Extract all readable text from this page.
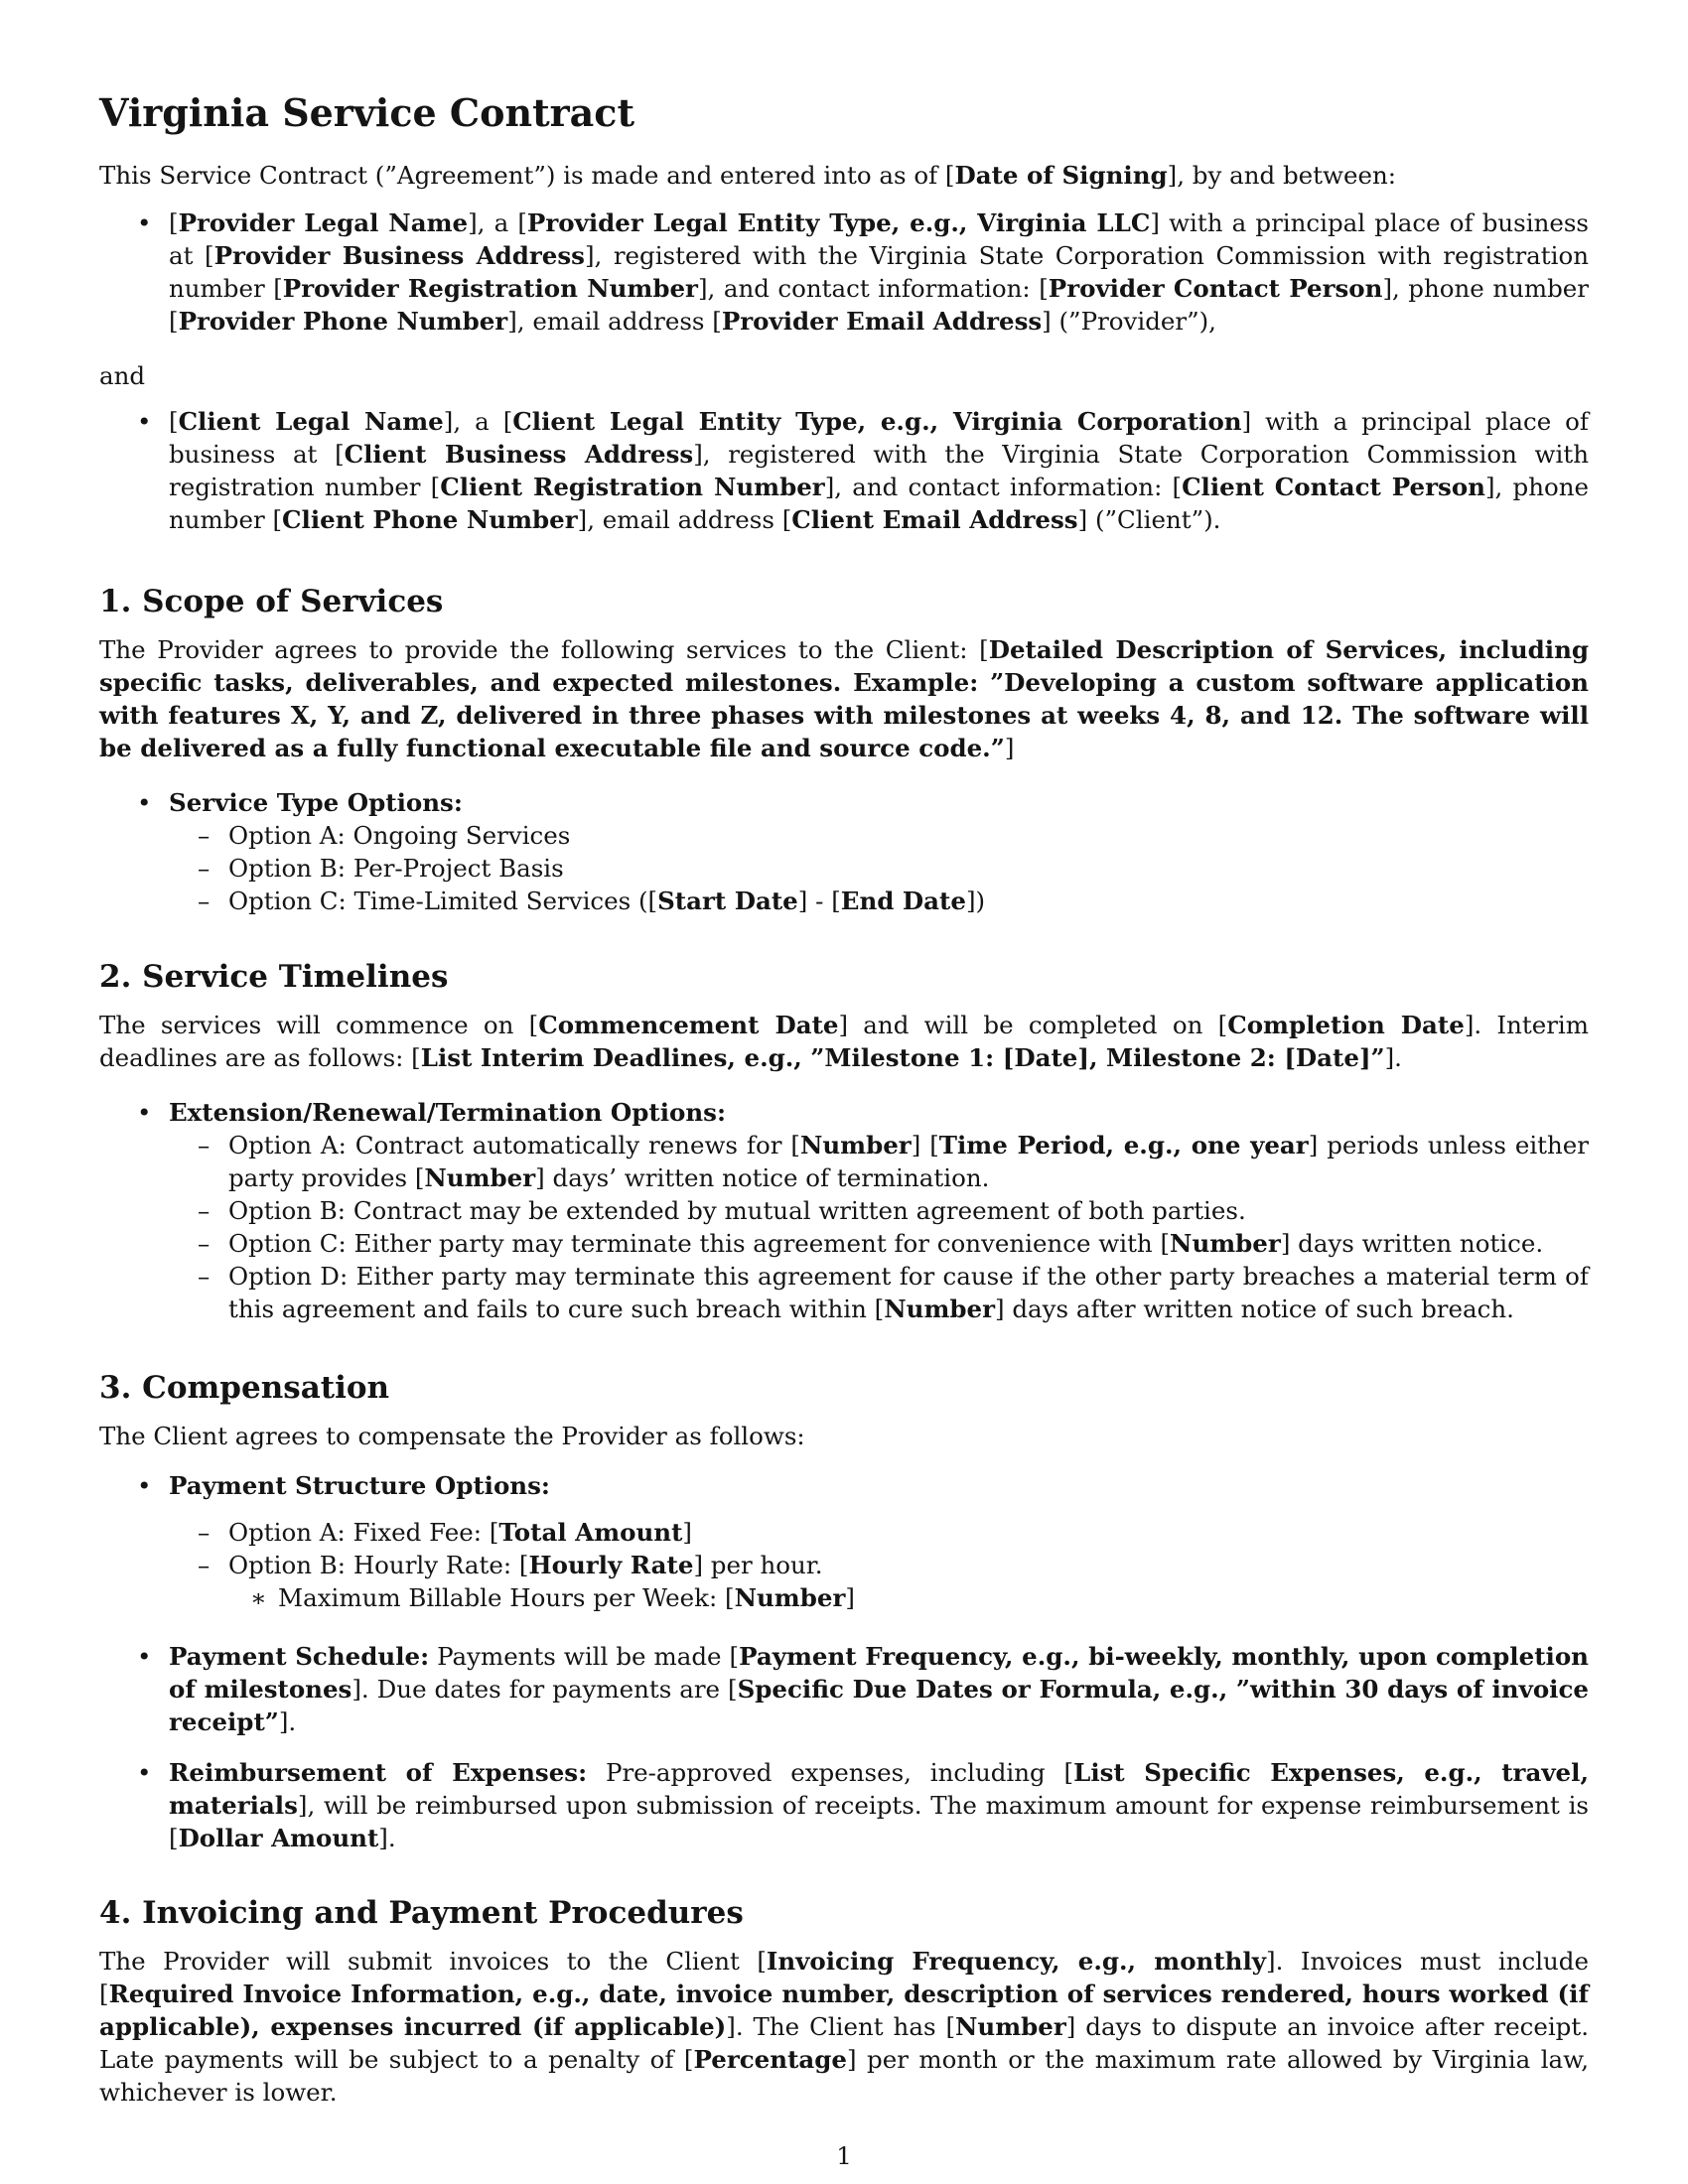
Virginia Service Contract

This Service Contract (”Agreement”) is made and entered into as of [Date of Signing], by and between:

• [Provider Legal Name], a [Provider Legal Entity Type, e.g., Virginia LLC] with a principal place of business at [Provider Business Address], registered with the Virginia State Corporation Commission with registration number [Provider Registration Number], and contact information: [Provider Contact Person], phone number [Provider Phone Number], email address [Provider Email Address] (”Provider”),

and

• [Client Legal Name], a [Client Legal Entity Type, e.g., Virginia Corporation] with a principal place of business at [Client Business Address], registered with the Virginia State Corporation Commission with registration number [Client Registration Number], and contact information: [Client Contact Person], phone number [Client Phone Number], email address [Client Email Address] (”Client”).
1. Scope of Services

The Provider agrees to provide the following services to the Client: [Detailed Description of Services, including specific tasks, deliverables, and expected milestones. Example: ”Developing a custom software application with features X, Y, and Z, delivered in three phases with milestones at weeks 4, 8, and 12. The software will be delivered as a fully functional executable file and source code.”]

• Service Type Options:
– Option A: Ongoing Services
– Option B: Per-Project Basis
– Option C: Time-Limited Services ([Start Date] - [End Date])
2. Service Timelines

The services will commence on [Commencement Date] and will be completed on [Completion Date]. Interim deadlines are as follows: [List Interim Deadlines, e.g., ”Milestone 1: [Date], Milestone 2: [Date]”].

• Extension/Renewal/Termination Options:
– Option A: Contract automatically renews for [Number] [Time Period, e.g., one year] periods unless either party provides [Number] days’ written notice of termination.
– Option B: Contract may be extended by mutual written agreement of both parties.
– Option C: Either party may terminate this agreement for convenience with [Number] days written notice.
– Option D: Either party may terminate this agreement for cause if the other party breaches a material term of this agreement and fails to cure such breach within [Number] days after written notice of such breach.
3. Compensation

The Client agrees to compensate the Provider as follows:

• Payment Structure Options:
– Option A: Fixed Fee: [Total Amount]
– Option B: Hourly Rate: [Hourly Rate] per hour.
∗ Maximum Billable Hours per Week: [Number]
• Payment Schedule: Payments will be made [Payment Frequency, e.g., bi-weekly, monthly, upon completion of milestones]. Due dates for payments are [Specific Due Dates or Formula, e.g., ”within 30 days of invoice receipt”].
• Reimbursement of Expenses: Pre-approved expenses, including [List Specific Expenses, e.g., travel, materials], will be reimbursed upon submission of receipts. The maximum amount for expense reimbursement is [Dollar Amount].
4. Invoicing and Payment Procedures

The Provider will submit invoices to the Client [Invoicing Frequency, e.g., monthly]. Invoices must include [Required Invoice Information, e.g., date, invoice number, description of services rendered, hours worked (if applicable), expenses incurred (if applicable)]. The Client has [Number] days to dispute an invoice after receipt. Late payments will be subject to a penalty of [Percentage] per month or the maximum rate allowed by Virginia law, whichever is lower.

1
